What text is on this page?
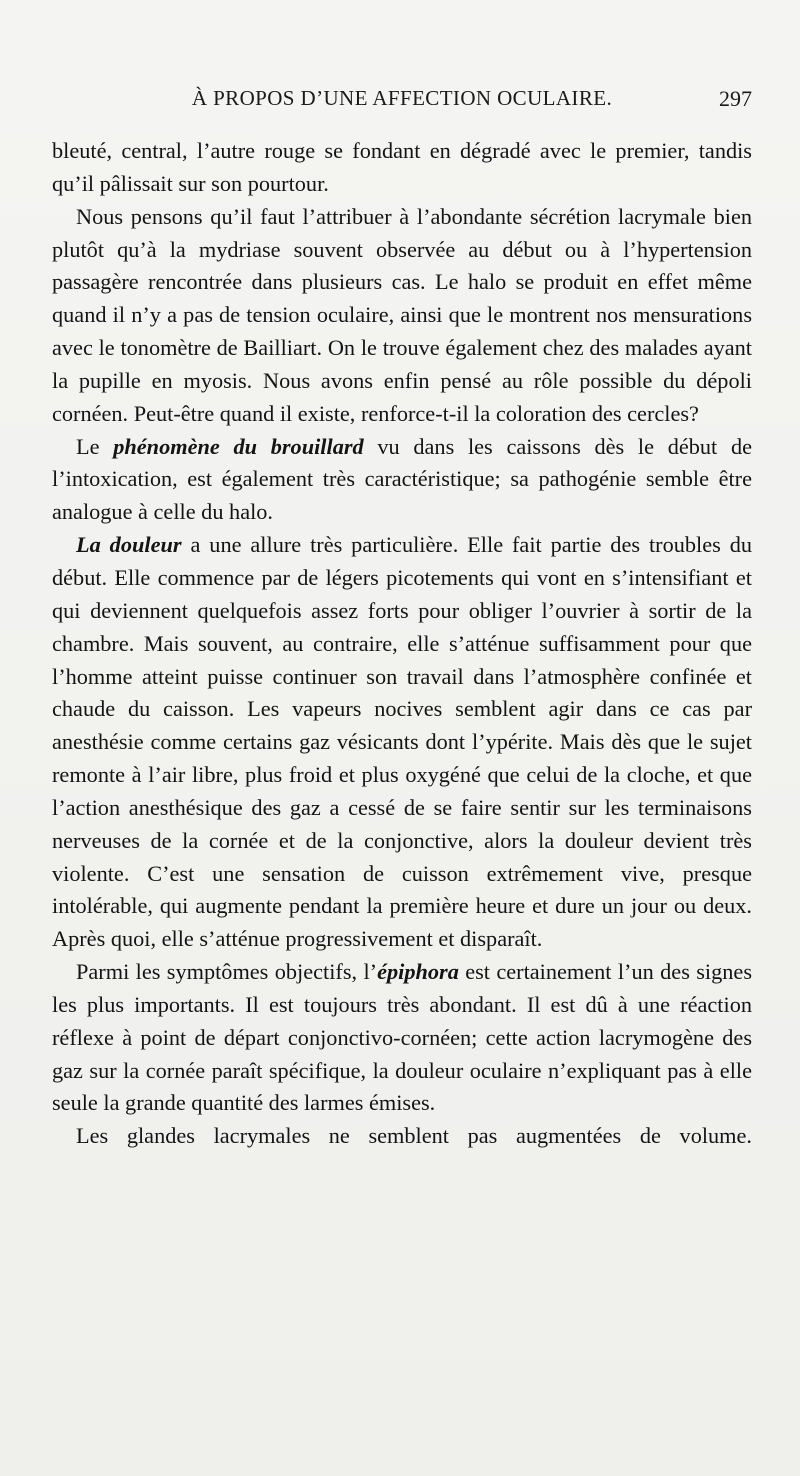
À PROPOS D’UNE AFFECTION OCULAIRE.	297

bleuté, central, l’autre rouge se fondant en dégradé avec le premier, tandis qu’il pâlissait sur son pourtour.

Nous pensons qu’il faut l’attribuer à l’abondante sécrétion lacrymale bien plutôt qu’à la mydriase souvent observée au début ou à l’hypertension passagère rencontrée dans plusieurs cas. Le halo se produit en effet même quand il n’y a pas de tension oculaire, ainsi que le montrent nos mensurations avec le tonomètre de Bailliart. On le trouve également chez des malades ayant la pupille en myosis. Nous avons enfin pensé au rôle possible du dépoli cornéen. Peut-être quand il existe, renforce-t-il la coloration des cercles?

Le phénomène du brouillard vu dans les caissons dès le début de l’intoxication, est également très caractéristique; sa pathogénie semble être analogue à celle du halo.

La douleur a une allure très particulière. Elle fait partie des troubles du début. Elle commence par de légers picotements qui vont en s’intensifiant et qui deviennent quelquefois assez forts pour obliger l’ouvrier à sortir de la chambre. Mais souvent, au contraire, elle s’atténue suffisamment pour que l’homme atteint puisse continuer son travail dans l’atmosphère confinée et chaude du caisson. Les vapeurs nocives semblent agir dans ce cas par anesthésie comme certains gaz vésicants dont l’ypérite. Mais dès que le sujet remonte à l’air libre, plus froid et plus oxygéné que celui de la cloche, et que l’action anesthésique des gaz a cessé de se faire sentir sur les terminaisons nerveuses de la cornée et de la conjonctive, alors la douleur devient très violente. C’est une sensation de cuisson extrêmement vive, presque intolérable, qui augmente pendant la première heure et dure un jour ou deux. Après quoi, elle s’atténue progressivement et disparaît.

Parmi les symptômes objectifs, l’épiphora est certainement l’un des signes les plus importants. Il est toujours très abondant. Il est dû à une réaction réflexe à point de départ conjonctivo-cornéen; cette action lacrymogène des gaz sur la cornée paraît spécifique, la douleur oculaire n’expliquant pas à elle seule la grande quantité des larmes émises.

Les glandes lacrymales ne semblent pas augmentées de volume.
